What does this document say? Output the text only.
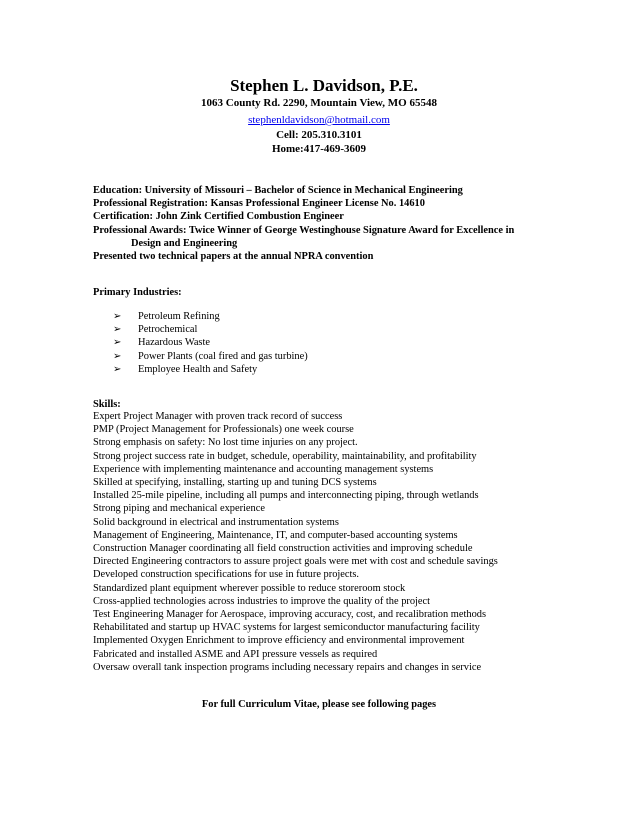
Stephen L. Davidson, P.E.
1063 County Rd. 2290, Mountain View, MO 65548
stephenldavidson@hotmail.com
Cell: 205.310.3101
Home:417-469-3609
Education: University of Missouri – Bachelor of Science in Mechanical Engineering
Professional Registration: Kansas Professional Engineer License No. 14610
Certification: John Zink Certified Combustion Engineer
Professional Awards: Twice Winner of George Westinghouse Signature Award for Excellence in
Design and Engineering
Presented two technical papers at the annual NPRA convention
Primary Industries:
➢ Petroleum Refining
➢ Petrochemical
➢ Hazardous Waste
➢ Power Plants (coal fired and gas turbine)
➢ Employee Health and Safety
Skills:
Expert Project Manager with proven track record of success
PMP (Project Management for Professionals) one week course
Strong emphasis on safety: No lost time injuries on any project.
Strong project success rate in budget, schedule, operability, maintainability, and profitability
Experience with implementing maintenance and accounting management systems
Skilled at specifying, installing, starting up and tuning DCS systems
Installed 25-mile pipeline, including all pumps and interconnecting piping, through wetlands
Strong piping and mechanical experience
Solid background in electrical and instrumentation systems
Management of Engineering, Maintenance, IT, and computer-based accounting systems
Construction Manager coordinating all field construction activities and improving schedule
Directed Engineering contractors to assure project goals were met with cost and schedule savings
Developed construction specifications for use in future projects.
Standardized plant equipment wherever possible to reduce storeroom stock
Cross-applied technologies across industries to improve the quality of the project
Test Engineering Manager for Aerospace, improving accuracy, cost, and recalibration methods
Rehabilitated and startup up HVAC systems for largest semiconductor manufacturing facility
Implemented Oxygen Enrichment to improve efficiency and environmental improvement
Fabricated and installed ASME and API pressure vessels as required
Oversaw overall tank inspection programs including necessary repairs and changes in service
For full Curriculum Vitae, please see following pages
